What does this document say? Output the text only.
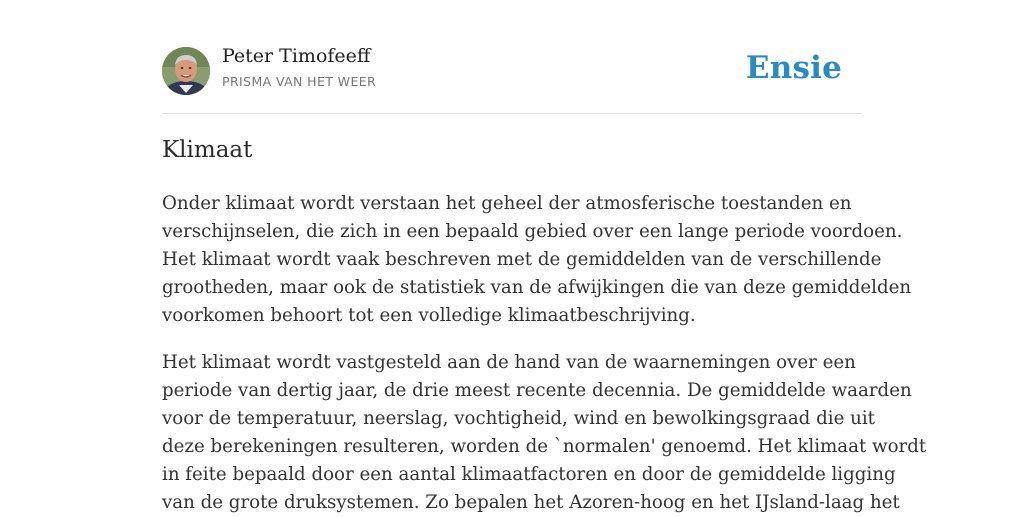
Peter Timofeeff
PRISMA VAN HET WEER	Ensie
Klimaat

Onder klimaat wordt verstaan het geheel der atmosferische toestanden en
verschijnselen, die zich in een bepaald gebied over een lange periode voordoen.
Het klimaat wordt vaak beschreven met de gemiddelden van de verschillende
grootheden, maar ook de statistiek van de afwijkingen die van deze gemiddelden
voorkomen behoort tot een volledige klimaatbeschrijving.

Het klimaat wordt vastgesteld aan de hand van de waarnemingen over een
periode van dertig jaar, de drie meest recente decennia. De gemiddelde waarden
voor de temperatuur, neerslag, vochtigheid, wind en bewolkingsgraad die uit
deze berekeningen resulteren, worden de `normalen' genoemd. Het klimaat wordt
in feite bepaald door een aantal klimaatfactoren en door de gemiddelde ligging
van de grote druksystemen. Zo bepalen het Azoren-hoog en het IJsland-laag het
